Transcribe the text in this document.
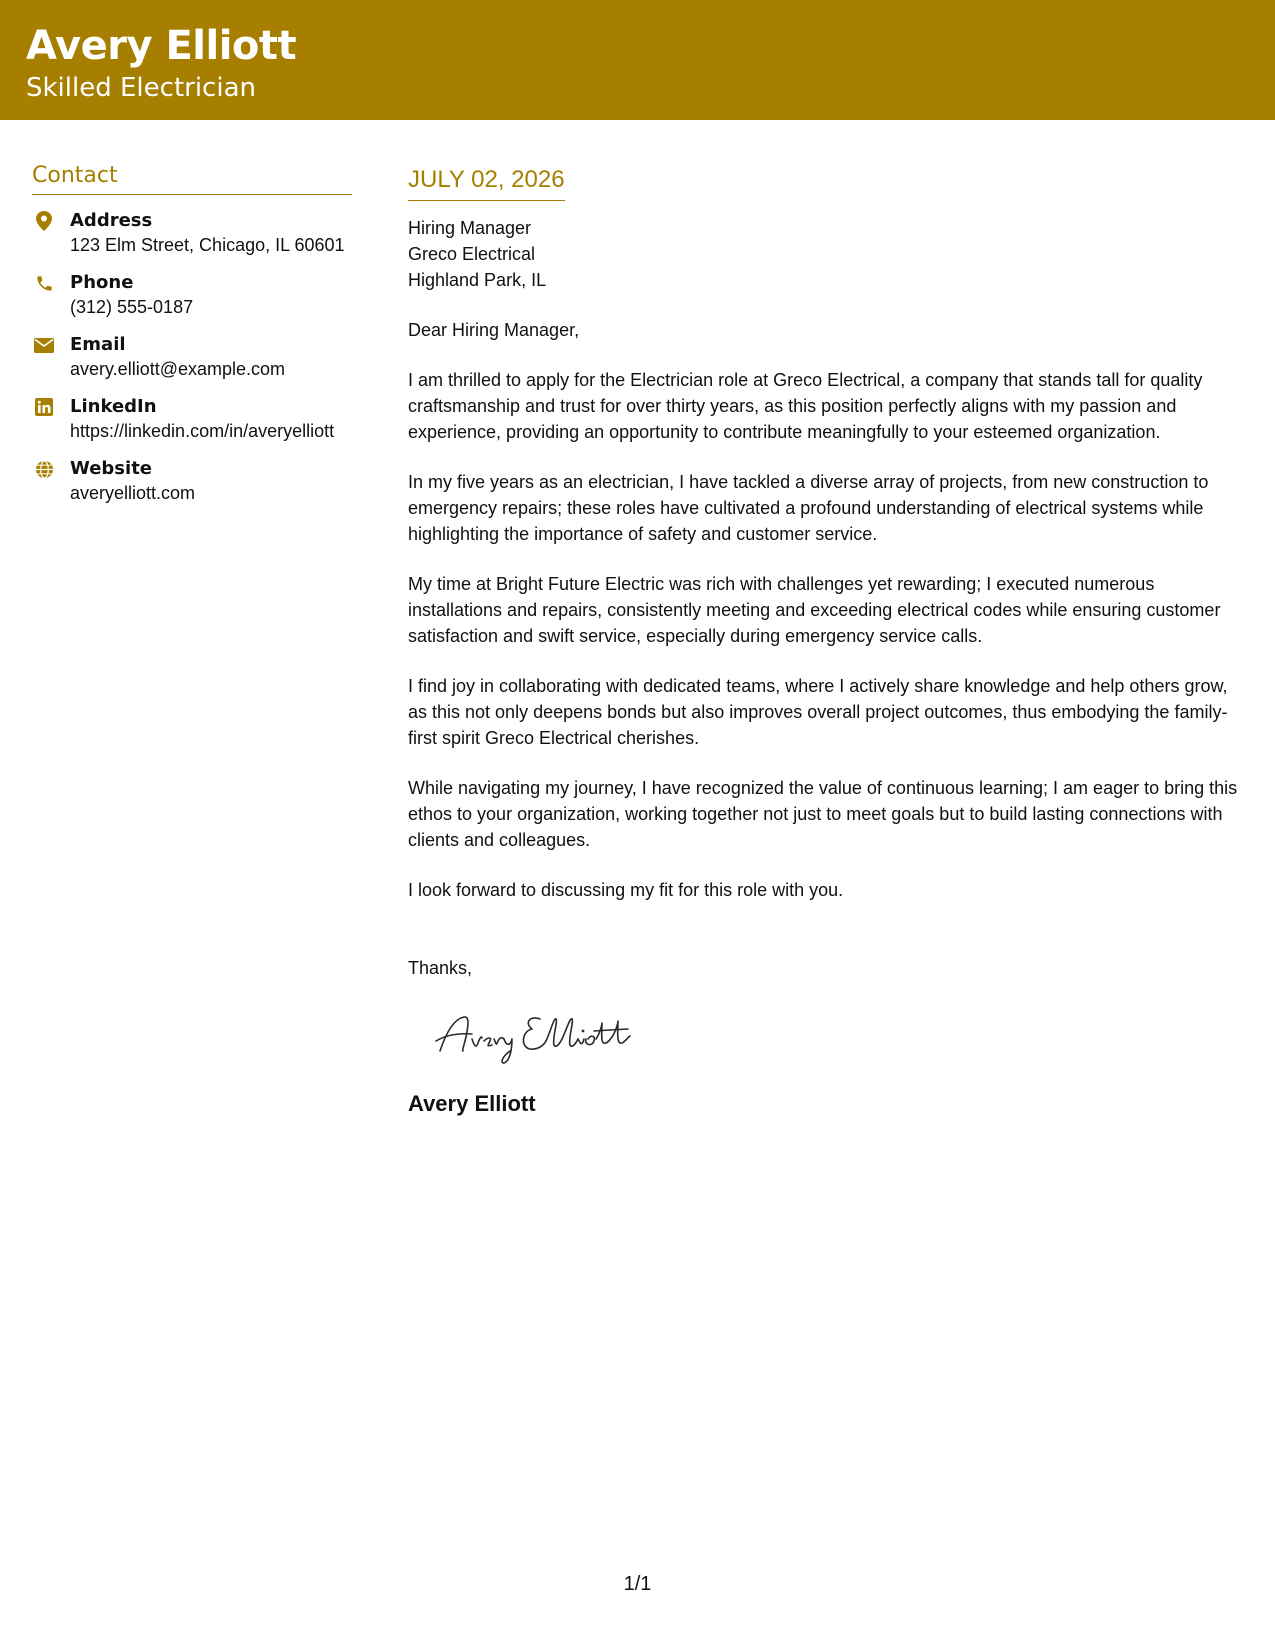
Avery Elliott
Skilled Electrician
Contact
Address
123 Elm Street, Chicago, IL 60601
Phone
(312) 555-0187
Email
avery.elliott@example.com
LinkedIn
https://linkedin.com/in/averyelliott
Website
averyelliott.com
JULY 02, 2026
Hiring Manager
Greco Electrical
Highland Park, IL
Dear Hiring Manager,
I am thrilled to apply for the Electrician role at Greco Electrical, a company that stands tall for quality craftsmanship and trust for over thirty years, as this position perfectly aligns with my passion and experience, providing an opportunity to contribute meaningfully to your esteemed organization.
In my five years as an electrician, I have tackled a diverse array of projects, from new construction to emergency repairs; these roles have cultivated a profound understanding of electrical systems while highlighting the importance of safety and customer service.
My time at Bright Future Electric was rich with challenges yet rewarding; I executed numerous installations and repairs, consistently meeting and exceeding electrical codes while ensuring customer satisfaction and swift service, especially during emergency service calls.
I find joy in collaborating with dedicated teams, where I actively share knowledge and help others grow, as this not only deepens bonds but also improves overall project outcomes, thus embodying the family-first spirit Greco Electrical cherishes.
While navigating my journey, I have recognized the value of continuous learning; I am eager to bring this ethos to your organization, working together not just to meet goals but to build lasting connections with clients and colleagues.
I look forward to discussing my fit for this role with you.
Thanks,
Avery Elliott
1/1
